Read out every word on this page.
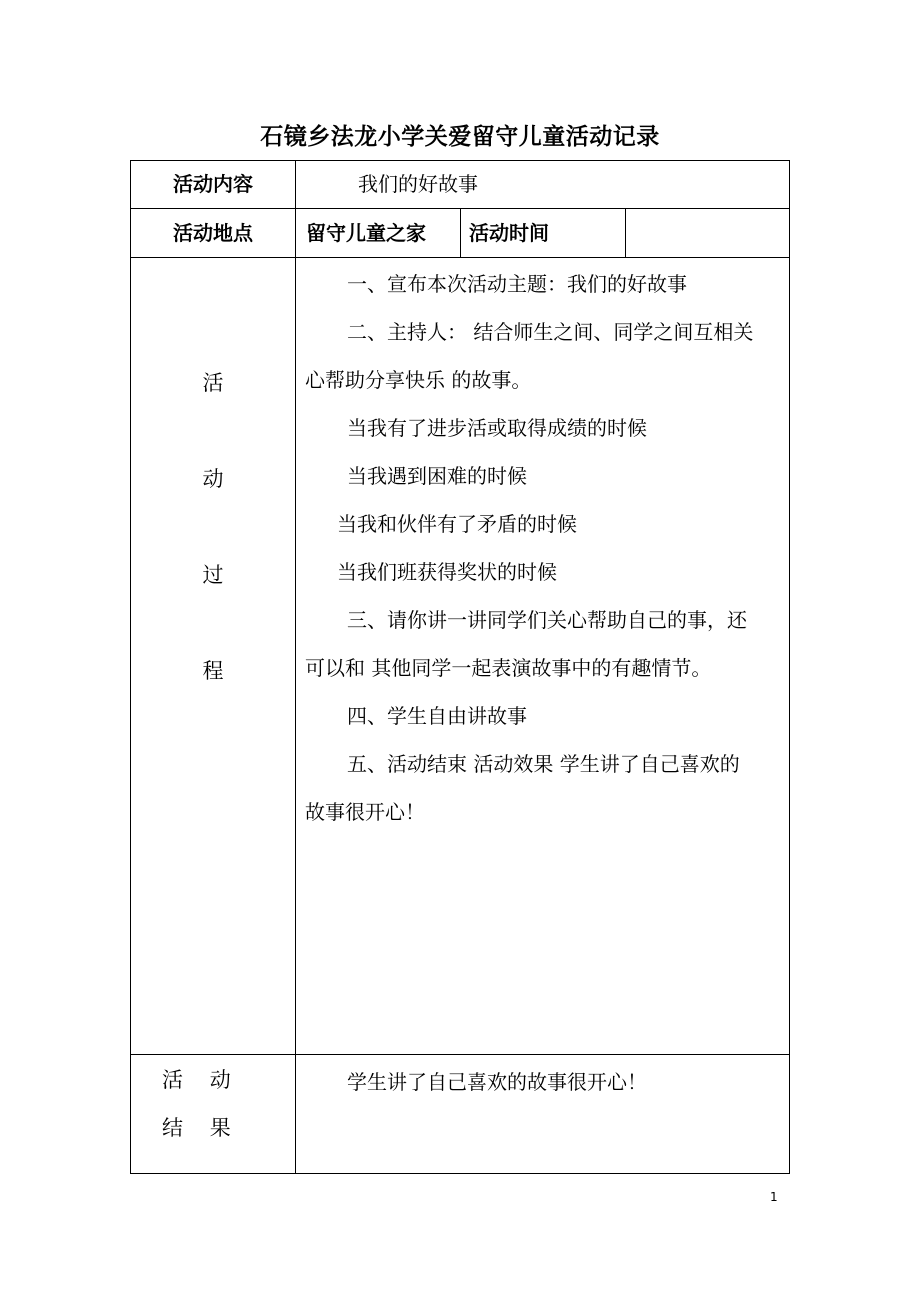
石镜乡法龙小学关爱留守儿童活动记录
活动内容	我们的好故事
活动地点	留守儿童之家 活动时间
活
动
过
程
一、宣布本次活动主题：我们的好故事
二、主持人： 结合师生之间、同学之间互相关
心帮助分享快乐 的故事。
当我有了进步活或取得成绩的时候
当我遇到困难的时候
当我和伙伴有了矛盾的时候
当我们班获得奖状的时候
三、请你讲一讲同学们关心帮助自己的事，还
可以和 其他同学一起表演故事中的有趣情节。
四、学生自由讲故事
五、活动结束 活动效果 学生讲了自己喜欢的
故事很开心！
活    动
结    果
学生讲了自己喜欢的故事很开心！
1
